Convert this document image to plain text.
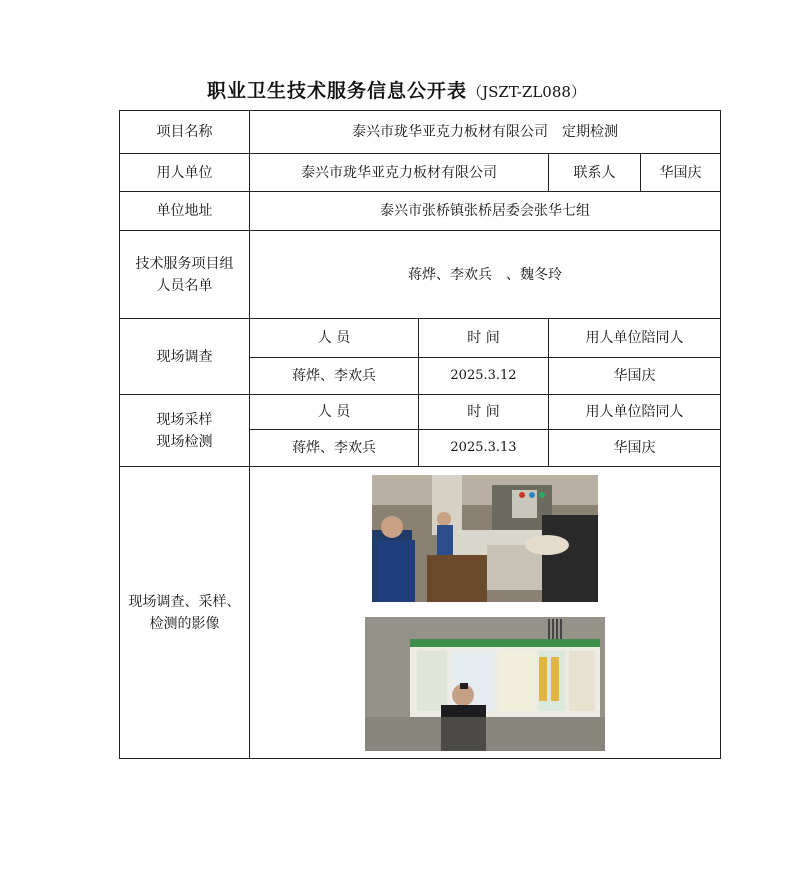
职业卫生技术服务信息公开表（JSZT-ZL088）
项目名称	泰兴市珑华亚克力板材有限公司　定期检测			
用人单位	泰兴市珑华亚克力板材有限公司		联系人	华国庆
单位地址	泰兴市张桥镇张桥居委会张华七组			

技术服务项目组
人员名单	蒋烨、李欢兵　、魏冬玲			
现场调查	人 员	时 间	用人单位陪同人	
	蒋烨、李欢兵	2025.3.12	华国庆	

现场采样
现场检测	人 员	时 间	用人单位陪同人	
	蒋烨、李欢兵	2025.3.13	华国庆	

现场调查、采样、
检测的影像
